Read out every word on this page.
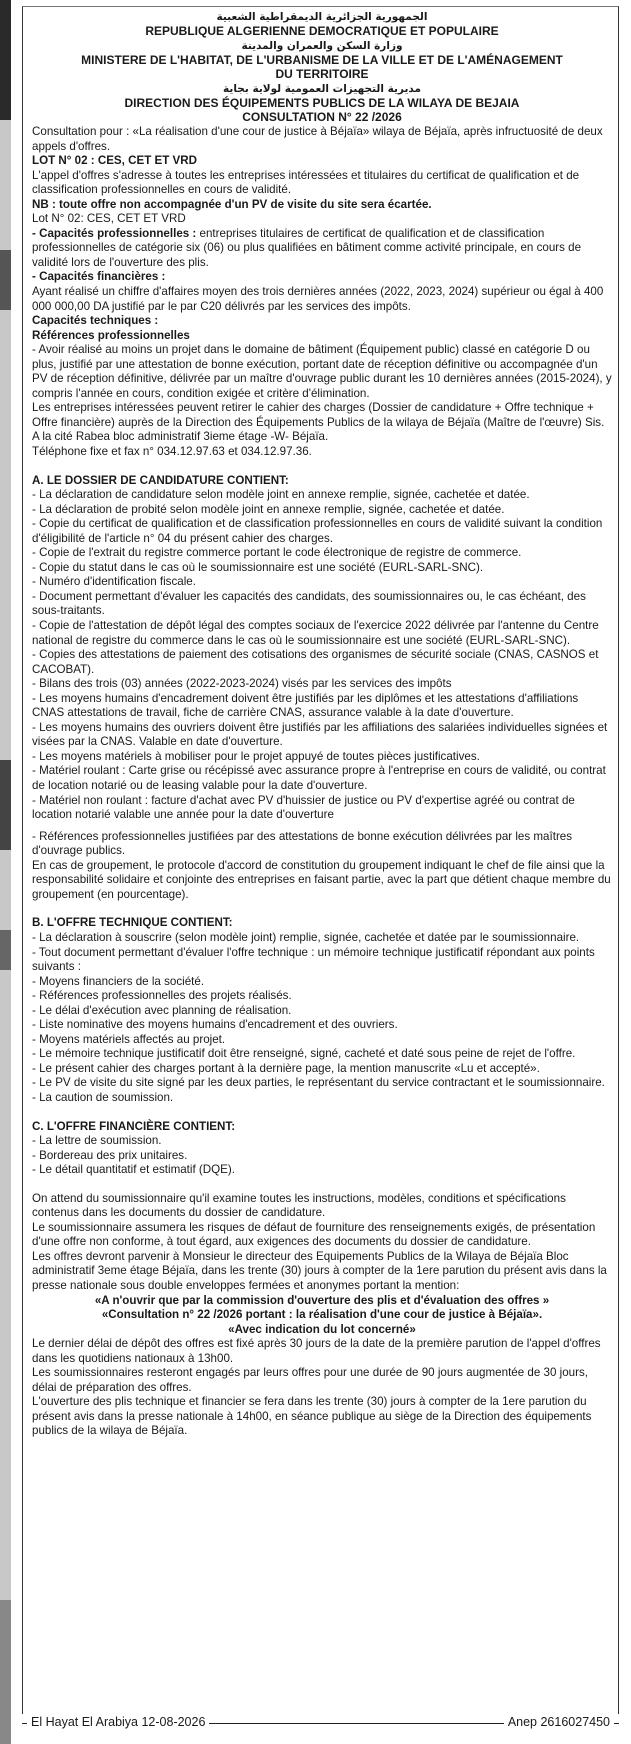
الجمهورية الجزائرية الديمقراطية الشعبية
REPUBLIQUE ALGERIENNE DEMOCRATIQUE ET POPULAIRE
وزارة السكن والعمران والمدينة
MINISTERE DE L'HABITAT, DE L'URBANISME DE LA VILLE ET DE L'AMÉNAGEMENT
DU TERRITOIRE
مديرية التجهيزات العمومية لولاية بجاية
DIRECTION DES ÉQUIPEMENTS PUBLICS DE LA WILAYA DE BEJAIA
CONSULTATION N° 22 /2026

Consultation pour : «La réalisation d'une cour de justice à Béjaïa» wilaya de Béjaïa, après infructuosité de deux appels d'offres.

LOT N° 02 : CES, CET ET VRD

L'appel d'offres s'adresse à toutes les entreprises intéressées et titulaires du certificat de qualification et de classification professionnelles en cours de validité.

NB : toute offre non accompagnée d'un PV de visite du site sera écartée.

Lot N° 02: CES, CET ET VRD

- Capacités professionnelles : entreprises titulaires de certificat de qualification et de classification professionnelles de catégorie six (06) ou plus qualifiées en bâtiment comme activité principale, en cours de validité lors de l'ouverture des plis.

- Capacités financières :

Ayant réalisé un chiffre d'affaires moyen des trois dernières années (2022, 2023, 2024) supérieur ou égal à 400 000 000,00 DA justifié par le par C20 délivrés par les services des impôts.

Capacités techniques :

Références professionnelles

- Avoir réalisé au moins un projet dans le domaine de bâtiment (Équipement public) classé en catégorie D ou plus, justifié par une attestation de bonne exécution, portant date de réception définitive ou accompagnée d'un PV de réception définitive, délivrée par un maître d'ouvrage public durant les 10 dernières années (2015-2024), y compris l'année en cours, condition exigée et critère d'élimination.

Les entreprises intéressées peuvent retirer le cahier des charges (Dossier de candidature + Offre technique + Offre financière) auprès de la Direction des Équipements Publics de la wilaya de Béjaïa (Maître de l'œuvre) Sis. A la cité Rabea bloc administratif 3ieme étage -W- Béjaïa.

Téléphone fixe et fax n° 034.12.97.63 et 034.12.97.36.

A. LE DOSSIER DE CANDIDATURE CONTIENT:

- La déclaration de candidature selon modèle joint en annexe remplie, signée, cachetée et datée.

- La déclaration de probité selon modèle joint en annexe remplie, signée, cachetée et datée.

- Copie du certificat de qualification et de classification professionnelles en cours de validité suivant la condition d'éligibilité de l'article n° 04 du présent cahier des charges.

- Copie de l'extrait du registre commerce portant le code électronique de registre de commerce.

- Copie du statut dans le cas où le soumissionnaire est une société (EURL-SARL-SNC).

- Numéro d'identification fiscale.

- Document permettant d'évaluer les capacités des candidats, des soumissionnaires ou, le cas échéant, des sous-traitants.

- Copie de l'attestation de dépôt légal des comptes sociaux de l'exercice 2022 délivrée par l'antenne du Centre national de registre du commerce dans le cas où le soumissionnaire est une société (EURL-SARL-SNC).

- Copies des attestations de paiement des cotisations des organismes de sécurité sociale (CNAS, CASNOS et CACOBAT).

- Bilans des trois (03) années (2022-2023-2024) visés par les services des impôts

- Les moyens humains d'encadrement doivent être justifiés par les diplômes et les attestations d'affiliations CNAS attestations de travail, fiche de carrière CNAS, assurance valable à la date d'ouverture.

- Les moyens humains des ouvriers doivent être justifiés par les affiliations des salariées individuelles signées et visées par la CNAS. Valable en date d'ouverture.

- Les moyens matériels à mobiliser pour le projet appuyé de toutes pièces justificatives.

- Matériel roulant : Carte grise ou récépissé avec assurance propre à l'entreprise en cours de validité, ou contrat de location notarié ou de leasing valable pour la date d'ouverture.

- Matériel non roulant : facture d'achat avec PV d'huissier de justice ou PV d'expertise agréé ou contrat de location notarié valable une année pour la date d'ouverture

- Références professionnelles justifiées par des attestations de bonne exécution délivrées par les maîtres d'ouvrage publics.

En cas de groupement, le protocole d'accord de constitution du groupement indiquant le chef de file ainsi que la responsabilité solidaire et conjointe des entreprises en faisant partie, avec la part que détient chaque membre du groupement (en pourcentage).

B. L'OFFRE TECHNIQUE CONTIENT:

- La déclaration à souscrire (selon modèle joint) remplie, signée, cachetée et datée par le soumissionnaire.

- Tout document permettant d'évaluer l'offre technique : un mémoire technique justificatif répondant aux points suivants :

- Moyens financiers de la société.

- Références professionnelles des projets réalisés.

- Le délai d'exécution avec planning de réalisation.

- Liste nominative des moyens humains d'encadrement et des ouvriers.

- Moyens matériels affectés au projet.

- Le mémoire technique justificatif doit être renseigné, signé, cacheté et daté sous peine de rejet de l'offre.

- Le présent cahier des charges portant à la dernière page, la mention manuscrite «Lu et accepté».

- Le PV de visite du site signé par les deux parties, le représentant du service contractant et le soumissionnaire.

- La caution de soumission.

C. L'OFFRE FINANCIÈRE CONTIENT:

- La lettre de soumission.

- Bordereau des prix unitaires.

- Le détail quantitatif et estimatif (DQE).

On attend du soumissionnaire qu'il examine toutes les instructions, modèles, conditions et spécifications contenus dans les documents du dossier de candidature.

Le soumissionnaire assumera les risques de défaut de fourniture des renseignements exigés, de présentation d'une offre non conforme, à tout égard, aux exigences des documents du dossier de candidature.

Les offres devront parvenir à Monsieur le directeur des Equipements Publics de la Wilaya de Béjaïa Bloc administratif 3eme étage Béjaïa, dans les trente (30) jours à compter de la 1ere parution du présent avis dans la presse nationale sous double enveloppes fermées et anonymes portant la mention:

«A n'ouvrir que par la commission d'ouverture des plis et d'évaluation des offres »

«Consultation n° 22 /2026 portant : la réalisation d'une cour de justice à Béjaïa».

«Avec indication du lot concerné»

Le dernier délai de dépôt des offres est fixé après 30 jours de la date de la première parution de l'appel d'offres dans les quotidiens nationaux à 13h00.

Les soumissionnaires resteront engagés par leurs offres pour une durée de 90 jours augmentée de 30 jours, délai de préparation des offres.

L'ouverture des plis technique et financier se fera dans les trente (30) jours à compter de la 1ere parution du présent avis dans la presse nationale à 14h00, en séance publique au siège de la Direction des équipements publics de la wilaya de Béjaïa.

El Hayat El Arabiya 12-08-2026	Anep 2616027450
